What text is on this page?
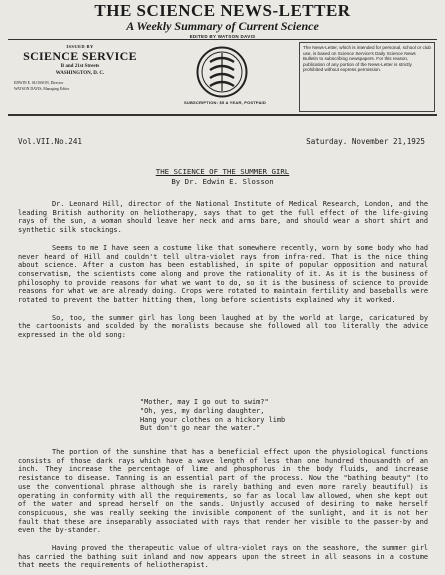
THE SCIENCE NEWS-LETTER
A Weekly Summary of Current Science
EDITED BY WATSON DAVIS
ISSUED BY
SCIENCE SERVICE
B and 21st Streets
WASHINGTON, D. C.
EDWIN E. SLOSSON, Director
WATSON DAVIS, Managing Editor
SUBSCRIPTION: $5 A YEAR, POSTPAID
The News-Letter, which is intended for personal, school or club use, is based on Science Service's Daily Science News Bulletin to subscribing newspapers. For this reason, publication of any portion of the News-Letter is strictly prohibited without express permission.
Vol.VII.No.241	Saturday. November 21,1925
THE SCIENCE OF THE SUMMER GIRL
By Dr. Edwin E. Slosson

Dr. Leonard Hill, director of the National Institute of Medical Research, London, and the leading British authority on heliotherapy, says that to get the full effect of the life-giving rays of the sun, a woman should leave her neck and arms bare, and should wear a short shirt and synthetic silk stockings.

Seems to me I have seen a costume like that somewhere recently, worn by some body who had never heard of Hill and couldn't tell ultra-violet rays from infra-red. That is the nice thing about science. After a custom has been established, in spite of popular opposition and natural conservatism, the scientists come along and prove the rationality of it. As it is the business of philosophy to provide reasons for what we want to do, so it is the business of science to provide reasons for what we are already doing. Crops were rotated to maintain fertility and baseballs were rotated to prevent the batter hitting them, long before scientists explained why it worked.

So, too, the summer girl has long been laughed at by the world at large, caricatured by the cartoonists and scolded by the moralists because she followed all too literally the advice expressed in the old song:

"Mother, may I go out to swim?"
"Oh, yes, my darling daughter,
Hang your clothes on a hickory limb
But don't go near the water."

The portion of the sunshine that has a beneficial effect upon the physiological functions consists of those dark rays which have a wave length of less than one hundred thousandth of an inch. They increase the percentage of lime and phosphorus in the body fluids, and increase resistance to disease. Tanning is an essential part of the process. Now the "bathing beauty" (to use the conventional phrase although she is rarely bathing and even more rarely beautiful) is operating in conformity with all the requirements, so far as local law allowed, when she kept out of the water and spread herself on the sands. Unjustly accused of desiring to make herself conspicuous, she was really seeking the invisible component of the sunlight, and it is not her fault that these are inseparably associated with rays that render her visible to the passer-by and even the by-stander.

Having proved the therapeutic value of ultra-violet rays on the seashore, the summer girl has carried the bathing suit inland and now appears upon the street in all seasons in a costume that meets the requirements of heliotherapist.
